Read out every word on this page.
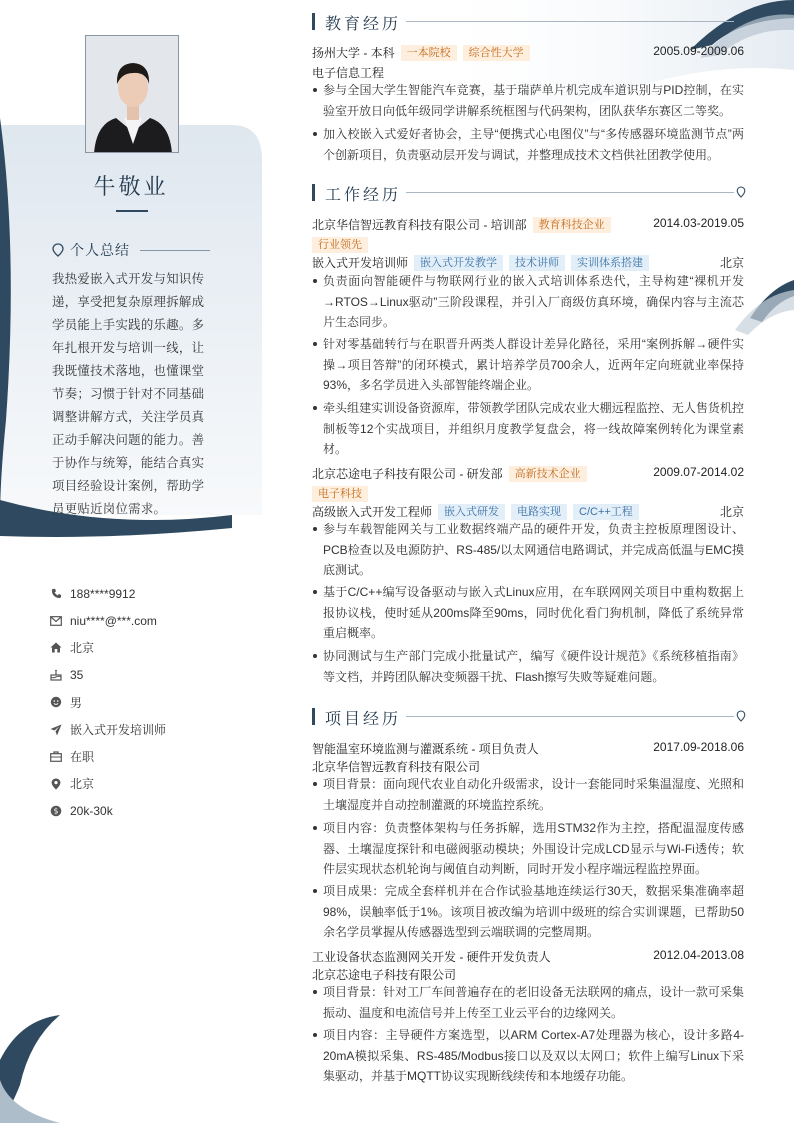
牛敬业
个人总结
我热爱嵌入式开发与知识传递，享受把复杂原理拆解成学员能上手实践的乐趣。多年扎根开发与培训一线，让我既懂技术落地，也懂课堂节奏；习惯于针对不同基础调整讲解方式，关注学员真正动手解决问题的能力。善于协作与统筹，能结合真实项目经验设计案例，帮助学员更贴近岗位需求。
188****9912
niu****@***.com
北京
35
男
嵌入式开发培训师
在职
北京
$ 20k-30k
教育经历
扬州大学 - 本科	一本院校	综合性大学	2005.09-2009.06
电子信息工程
参与全国大学生智能汽车竞赛，基于瑞萨单片机完成车道识别与PID控制，在实验室开放日向低年级同学讲解系统框图与代码架构，团队获华东赛区二等奖。
加入校嵌入式爱好者协会，主导“便携式心电图仪”与“多传感器环境监测节点”两个创新项目，负责驱动层开发与调试，并整理成技术文档供社团教学使用。
工作经历
北京华信智远教育科技有限公司 - 培训部	教育科技企业	2014.03-2019.05
行业领先
嵌入式开发培训师	嵌入式开发教学	技术讲师	实训体系搭建	北京
负责面向智能硬件与物联网行业的嵌入式培训体系迭代，主导构建“裸机开发→RTOS→Linux驱动”三阶段课程，并引入厂商级仿真环境，确保内容与主流芯片生态同步。
针对零基础转行与在职晋升两类人群设计差异化路径，采用“案例拆解→硬件实操→项目答辩”的闭环模式，累计培养学员700余人，近两年定向班就业率保持93%，多名学员进入头部智能终端企业。
牵头组建实训设备资源库，带领教学团队完成农业大棚远程监控、无人售货机控制板等12个实战项目，并组织月度教学复盘会，将一线故障案例转化为课堂素材。
北京芯途电子科技有限公司 - 研发部	高新技术企业	2009.07-2014.02
电子科技
高级嵌入式开发工程师	嵌入式研发	电路实现	C/C++工程	北京
参与车载智能网关与工业数据终端产品的硬件开发，负责主控板原理图设计、PCB检查以及电源防护、RS-485/以太网通信电路调试，并完成高低温与EMC摸底测试。
基于C/C++编写设备驱动与嵌入式Linux应用，在车联网网关项目中重构数据上报协议栈，使时延从200ms降至90ms，同时优化看门狗机制，降低了系统异常重启概率。
协同测试与生产部门完成小批量试产，编写《硬件设计规范》《系统移植指南》等文档，并跨团队解决变频器干扰、Flash擦写失败等疑难问题。
项目经历
智能温室环境监测与灌溉系统 - 项目负责人	2017.09-2018.06
北京华信智远教育科技有限公司
项目背景：面向现代农业自动化升级需求，设计一套能同时采集温湿度、光照和土壤湿度并自动控制灌溉的环境监控系统。
项目内容：负责整体架构与任务拆解，选用STM32作为主控，搭配温湿度传感器、土壤湿度探针和电磁阀驱动模块；外围设计完成LCD显示与Wi-Fi透传；软件层实现状态机轮询与阈值自动判断，同时开发小程序端远程监控界面。
项目成果：完成全套样机并在合作试验基地连续运行30天，数据采集准确率超98%，误触率低于1%。该项目被改编为培训中级班的综合实训课题，已帮助50余名学员掌握从传感器选型到云端联调的完整周期。
工业设备状态监测网关开发 - 硬件开发负责人	2012.04-2013.08
北京芯途电子科技有限公司
项目背景：针对工厂车间普遍存在的老旧设备无法联网的痛点，设计一款可采集振动、温度和电流信号并上传至工业云平台的边缘网关。
项目内容：主导硬件方案选型，以ARM Cortex-A7处理器为核心，设计多路4-20mA模拟采集、RS-485/Modbus接口以及双以太网口；软件上编写Linux下采集驱动，并基于MQTT协议实现断线续传和本地缓存功能。
